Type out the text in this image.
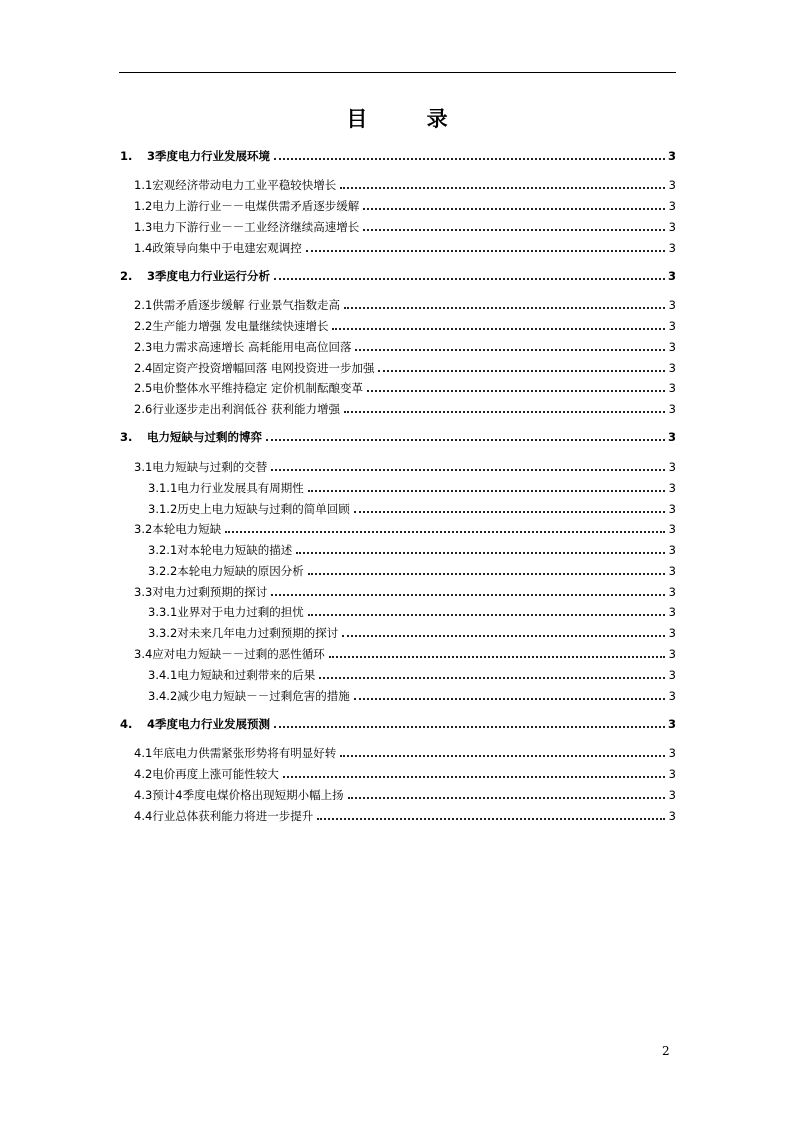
目 录
1.	3季度电力行业发展环境	3
1.1 宏观经济带动电力工业平稳较快增长	3
1.2 电力上游行业－－电煤供需矛盾逐步缓解	3
1.3 电力下游行业－－工业经济继续高速增长	3
1.4 政策导向集中于电建宏观调控	3
2.	3季度电力行业运行分析	3
2.1 供需矛盾逐步缓解 行业景气指数走高	3
2.2 生产能力增强 发电量继续快速增长	3
2.3 电力需求高速增长 高耗能用电高位回落	3
2.4 固定资产投资增幅回落 电网投资进一步加强	3
2.5 电价整体水平维持稳定 定价机制酝酿变革	3
2.6 行业逐步走出利润低谷 获利能力增强	3
3.	电力短缺与过剩的博弈	3
3.1 电力短缺与过剩的交替	3
3.1.1 电力行业发展具有周期性	3
3.1.2 历史上电力短缺与过剩的简单回顾	3
3.2 本轮电力短缺	3
3.2.1 对本轮电力短缺的描述	3
3.2.2 本轮电力短缺的原因分析	3
3.3 对电力过剩预期的探讨	3
3.3.1 业界对于电力过剩的担忧	3
3.3.2 对未来几年电力过剩预期的探讨	3
3.4 应对电力短缺－－过剩的恶性循环	3
3.4.1 电力短缺和过剩带来的后果	3
3.4.2 减少电力短缺－－过剩危害的措施	3
4.	4季度电力行业发展预测	3
4.1 年底电力供需紧张形势将有明显好转	3
4.2 电价再度上涨可能性较大	3
4.3 预计4季度电煤价格出现短期小幅上扬	3
4.4 行业总体获利能力将进一步提升	3
2
